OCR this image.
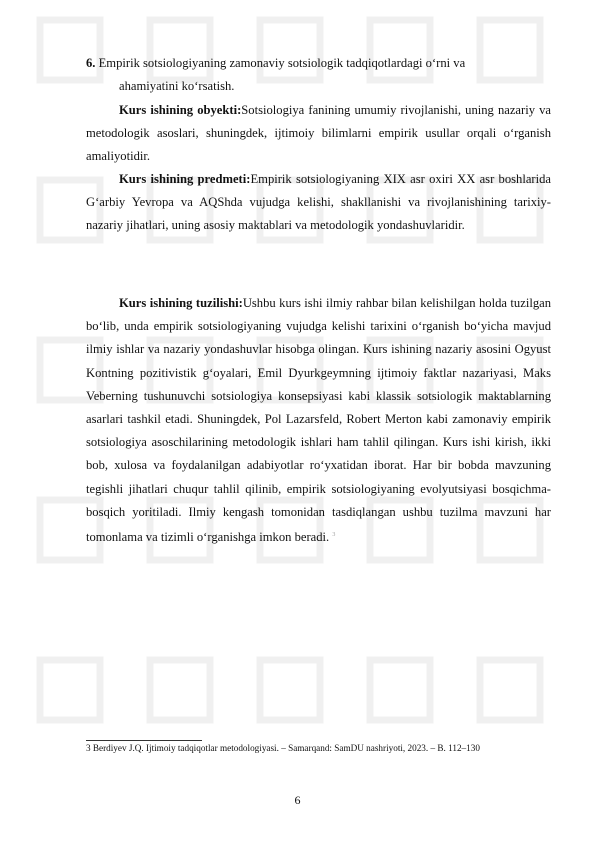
6. Empirik sotsiologiyaning zamonaviy sotsiologik tadqiqotlardagi o‘rni va
ahamiyatini ko‘rsatish.

Kurs ishining obyekti:Sotsiologiya fanining umumiy rivojlanishi, uning nazariy va metodologik asoslari, shuningdek, ijtimoiy bilimlarni empirik usullar orqali o‘rganish amaliyotidir.

Kurs ishining predmeti:Empirik sotsiologiyaning XIX asr oxiri XX asr boshlarida G‘arbiy Yevropa va AQShda vujudga kelishi, shakllanishi va rivojlanishining tarixiy-nazariy jihatlari, uning asosiy maktablari va metodologik yondashuvlaridir.

Kurs ishining tuzilishi:Ushbu kurs ishi ilmiy rahbar bilan kelishilgan holda tuzilgan bo‘lib, unda empirik sotsiologiyaning vujudga kelishi tarixini o‘rganish bo‘yicha mavjud ilmiy ishlar va nazariy yondashuvlar hisobga olingan. Kurs ishining nazariy asosini Ogyust Kontning pozitivistik g‘oyalari, Emil Dyurkgeymning ijtimoiy faktlar nazariyasi, Maks Veberning tushunuvchi sotsiologiya konsepsiyasi kabi klassik sotsiologik maktablarning asarlari tashkil etadi. Shuningdek, Pol Lazarsfeld, Robert Merton kabi zamonaviy empirik sotsiologiya asoschilarining metodologik ishlari ham tahlil qilingan. Kurs ishi kirish, ikki bob, xulosa va foydalanilgan adabiyotlar ro‘yxatidan iborat. Har bir bobda mavzuning tegishli jihatlari chuqur tahlil qilinib, empirik sotsiologiyaning evolyutsiyasi bosqichma-bosqich yoritiladi. Ilmiy kengash tomonidan tasdiqlangan ushbu tuzilma mavzuni har tomonlama va tizimli o‘rganishga imkon beradi. $^3$

3 Berdiyev J.Q. Ijtimoiy tadqiqotlar metodologiyasi. – Samarqand: SamDU nashriyoti, 2023. – B. 112–130
6
